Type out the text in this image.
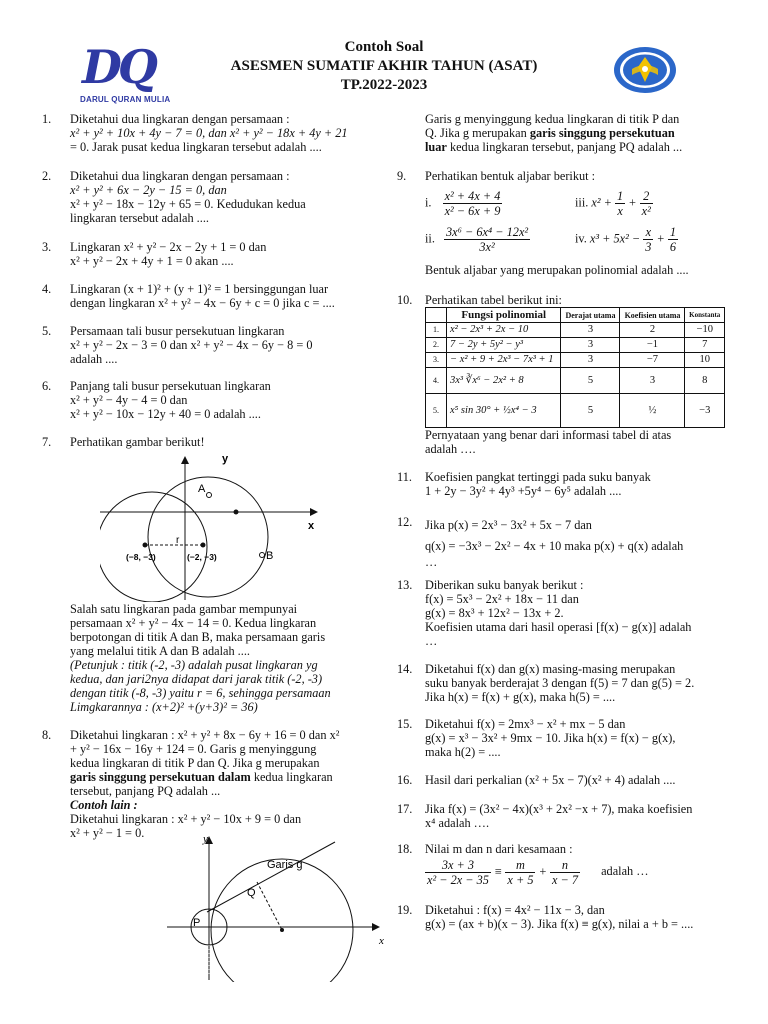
DQ
DARUL QURAN MULIA
Contoh Soal
ASESMEN SUMATIF AKHIR TAHUN (ASAT)
TP.2022-2023
1. Diketahui dua lingkaran dengan persamaan :
x² + y² + 10x + 4y − 7 = 0, dan x² + y² − 18x + 4y + 21
= 0. Jarak pusat kedua lingkaran tersebut adalah ....
2. Diketahui dua lingkaran dengan persamaan :
x² + y² + 6x − 2y − 15 = 0, dan
x² + y² − 18x − 12y + 65 = 0. Kedudukan kedua
lingkaran tersebut adalah ....
3. Lingkaran x² + y² − 2x − 2y + 1 = 0 dan
x² + y² − 2x + 4y + 1 = 0 akan ....
4. Lingkaran (x + 1)² + (y + 1)² = 1 bersinggungan luar
dengan lingkaran x² + y² − 4x − 6y + c = 0 jika c = ....
5. Persamaan tali busur persekutuan lingkaran
x² + y² − 2x − 3 = 0 dan x² + y² − 4x − 6y − 8 = 0
adalah ....
6. Panjang tali busur persekutuan lingkaran
x² + y² − 4y − 4 = 0 dan
x² + y² − 10x − 12y + 40 = 0 adalah ....
7. Perhatikan gambar berikut!
y
x
A
B
r
(−8, −3)	(−2, −3)
Salah satu lingkaran pada gambar mempunyai
persamaan x² + y² − 4x − 14 = 0. Kedua lingkaran
berpotongan di titik A dan B, maka persamaan garis
yang melalui titik A dan B adalah ....
(Petunjuk : titik (-2, -3) adalah pusat lingkaran yg
kedua, dan jari2nya didapat dari jarak titik (-2, -3)
dengan titik (-8, -3) yaitu r = 6, sehingga persamaan
Limgkarannya : (x+2)² +(y+3)² = 36)
8. Diketahui lingkaran : x² + y² + 8x − 6y + 16 = 0 dan x²
+ y² − 16x − 16y + 124 = 0. Garis g menyinggung
kedua lingkaran di titik P dan Q. Jika g merupakan
garis singgung persekutuan dalam kedua lingkaran
tersebut, panjang PQ adalah ...
Contoh lain :
Diketahui lingkaran : x² + y² − 10x + 9 = 0 dan
x² + y² − 1 = 0.	y
x
Garis g
Q
P
Garis g menyinggung kedua lingkaran di titik P dan
Q. Jika g merupakan garis singgung persekutuan
luar kedua lingkaran tersebut, panjang PQ adalah ...
9. Perhatikan bentuk aljabar berikut :
i. $\frac{\text{x² + 4x + 4}}{\text{x² − 6x + 9}}$	iii. $x^2 + \frac{1}{x} + \frac{2}{\text{x²}}$
ii. $\frac{\text{3x⁶ − 6x⁴ − 12x²}}{\text{3x²}}$	iv. $x^3 + 5x^2 - \frac{x}{3} + \frac{1}{6}$
Bentuk aljabar yang merupakan polinomial adalah ....
10. Perhatikan tabel berikut ini:
	Fungsi polinomial	Derajat utama	Koefisien utama	Konstanta
1.	x² − 2x³ + 2x − 10	3	2	−10
2.	7 − 2y + 5y² − y³	3	−1	7
3.	− x² + 9 + 2x³ − 7x³ + 1	3	−7	10
4.	3x³ ∛x⁶ − 2x² + 8	5	3	8
5.	x⁵ sin 30° + ½x⁴ − 3	5	½	−3
Pernyataan yang benar dari informasi tabel di atas
adalah ….
11. Koefisien pangkat tertinggi pada suku banyak
1 + 2y − 3y² + 4y³ +5y⁴ − 6y⁵ adalah ....
12. Jika p(x) = 2x³ − 3x² + 5x − 7 dan
q(x) = −3x³ − 2x² − 4x + 10 maka p(x) + q(x) adalah
…
13. Diberikan suku banyak berikut :
f(x) = 5x³ − 2x² + 18x − 11 dan
g(x) = 8x³ + 12x² − 13x + 2.
Koefisien utama dari hasil operasi [f(x) − g(x)] adalah
…
14. Diketahui f(x) dan g(x) masing-masing merupakan
suku banyak berderajat 3 dengan f(5) = 7 dan g(5) = 2.
Jika h(x) = f(x) + g(x), maka h(5) = ....
15. Diketahui f(x) = 2mx³ − x² + mx − 5 dan
g(x) = x³ − 3x² + 9mx − 10. Jika h(x) = f(x) − g(x),
maka h(2) = ....
16. Hasil dari perkalian (x² + 5x − 7)(x² + 4) adalah ....
17. Jika f(x) = (3x² − 4x)(x³ + 2x² −x + 7), maka koefisien
x⁴ adalah ….
18. Nilai m dan n dari kesamaan :
$\frac{3x + 3}{\text{x² − 2x − 35}} \equiv \frac{m}{x + 5} + \frac{n}{x - 7}$ adalah …
19. Diketahui : f(x) = 4x² − 11x − 3, dan
g(x) = (ax + b)(x − 3). Jika f(x) ≡ g(x), nilai a + b = ....
